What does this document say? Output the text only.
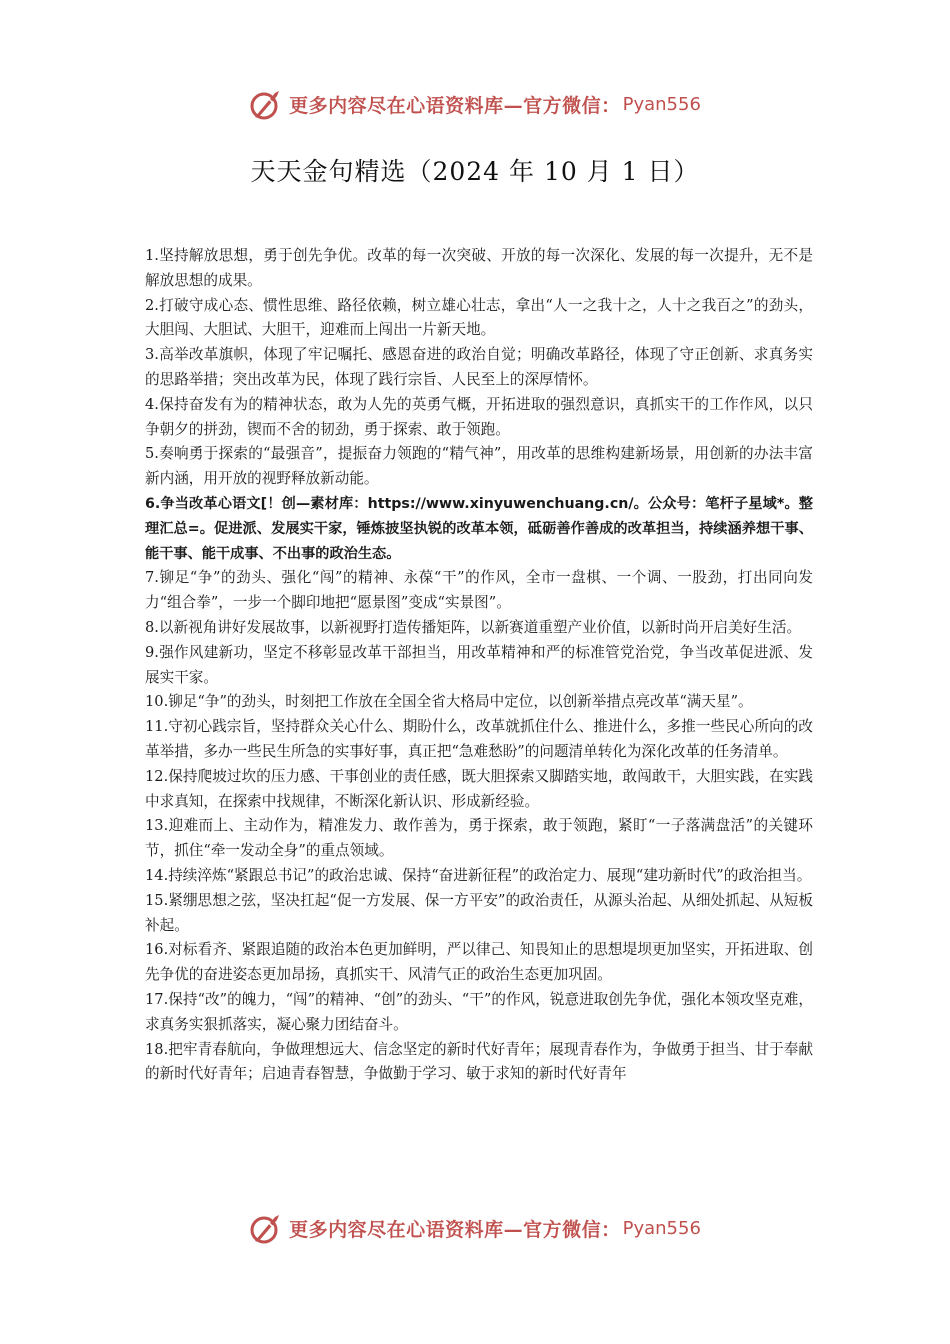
更多内容尽在心语资料库—官方微信： Pyan556
天天金句精选（2024 年 10 月 1 日）

1.坚持解放思想，勇于创先争优。改革的每一次突破、开放的每一次深化、发展的每一次提升，无不是解放思想的成果。

2.打破守成心态、惯性思维、路径依赖，树立雄心壮志，拿出“人一之我十之，人十之我百之”的劲头，大胆闯、大胆试、大胆干，迎难而上闯出一片新天地。

3.高举改革旗帜，体现了牢记嘱托、感恩奋进的政治自觉；明确改革路径，体现了守正创新、求真务实的思路举措；突出改革为民，体现了践行宗旨、人民至上的深厚情怀。

4.保持奋发有为的精神状态，敢为人先的英勇气概，开拓进取的强烈意识，真抓实干的工作作风，以只争朝夕的拼劲，锲而不舍的韧劲，勇于探索、敢于领跑。

5.奏响勇于探索的“最强音”，提振奋力领跑的“精气神”，用改革的思维构建新场景，用创新的办法丰富新内涵，用开放的视野释放新动能。

6.争当改革心语文[！创—素材库：https://www.xinyuwenchuang.cn/。公众号：笔杆子星域*。整理汇总=。促进派、发展实干家，锤炼披坚执锐的改革本领，砥砺善作善成的改革担当，持续涵养想干事、能干事、能干成事、不出事的政治生态。

7.铆足“争”的劲头、强化“闯”的精神、永葆“干”的作风，全市一盘棋、一个调、一股劲，打出同向发力“组合拳”，一步一个脚印地把“愿景图”变成“实景图”。

8.以新视角讲好发展故事，以新视野打造传播矩阵，以新赛道重塑产业价值，以新时尚开启美好生活。

9.强作风建新功，坚定不移彰显改革干部担当，用改革精神和严的标准管党治党，争当改革促进派、发展实干家。

10.铆足“争”的劲头，时刻把工作放在全国全省大格局中定位，以创新举措点亮改革“满天星”。

11.守初心践宗旨，坚持群众关心什么、期盼什么，改革就抓住什么、推进什么，多推一些民心所向的改革举措，多办一些民生所急的实事好事，真正把“急难愁盼”的问题清单转化为深化改革的任务清单。

12.保持爬坡过坎的压力感、干事创业的责任感，既大胆探索又脚踏实地，敢闯敢干，大胆实践，在实践中求真知，在探索中找规律，不断深化新认识、形成新经验。

13.迎难而上、主动作为，精准发力、敢作善为，勇于探索，敢于领跑，紧盯“一子落满盘活”的关键环节，抓住“牵一发动全身”的重点领域。

14.持续淬炼“紧跟总书记”的政治忠诚、保持“奋进新征程”的政治定力、展现“建功新时代”的政治担当。

15.紧绷思想之弦，坚决扛起“促一方发展、保一方平安”的政治责任，从源头治起、从细处抓起、从短板补起。

16.对标看齐、紧跟追随的政治本色更加鲜明，严以律己、知畏知止的思想堤坝更加坚实，开拓进取、创先争优的奋进姿态更加昂扬，真抓实干、风清气正的政治生态更加巩固。

17.保持“改”的魄力，“闯”的精神、“创”的劲头、“干”的作风，锐意进取创先争优，强化本领攻坚克难，求真务实狠抓落实，凝心聚力团结奋斗。

18.把牢青春航向，争做理想远大、信念坚定的新时代好青年；展现青春作为，争做勇于担当、甘于奉献的新时代好青年；启迪青春智慧，争做勤于学习、敏于求知的新时代好青年

更多内容尽在心语资料库—官方微信： Pyan556
